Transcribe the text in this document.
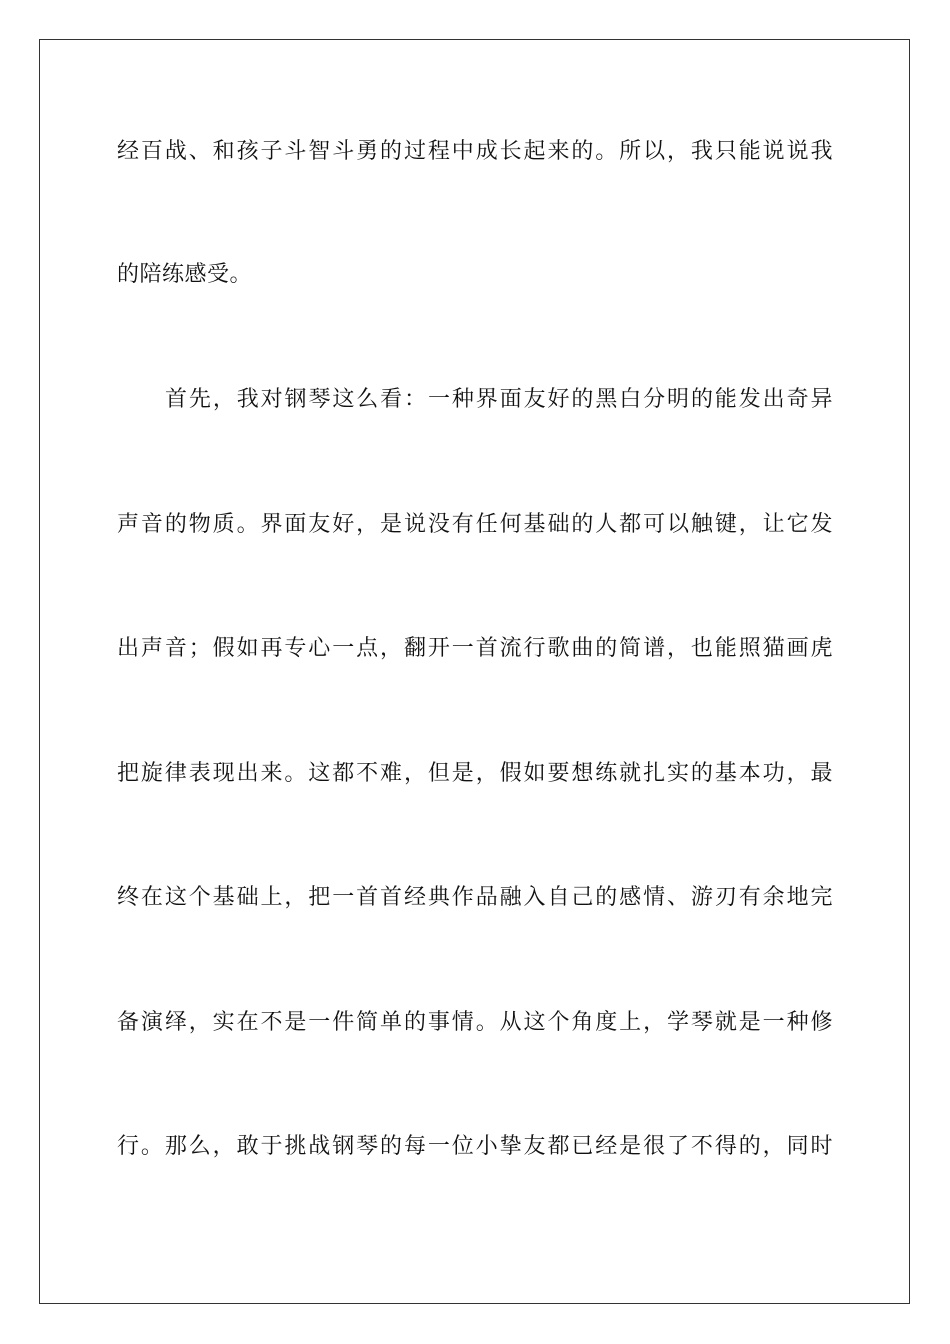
经百战、和孩子斗智斗勇的过程中成长起来的。所以，我只能说说我
的陪练感受。
首先，我对钢琴这么看：一种界面友好的黑白分明的能发出奇异
声音的物质。界面友好，是说没有任何基础的人都可以触键，让它发
出声音；假如再专心一点，翻开一首流行歌曲的简谱，也能照猫画虎
把旋律表现出来。这都不难，但是，假如要想练就扎实的基本功，最
终在这个基础上，把一首首经典作品融入自己的感情、游刃有余地完
备演绎，实在不是一件简单的事情。从这个角度上，学琴就是一种修
行。那么，敢于挑战钢琴的每一位小挚友都已经是很了不得的，同时
